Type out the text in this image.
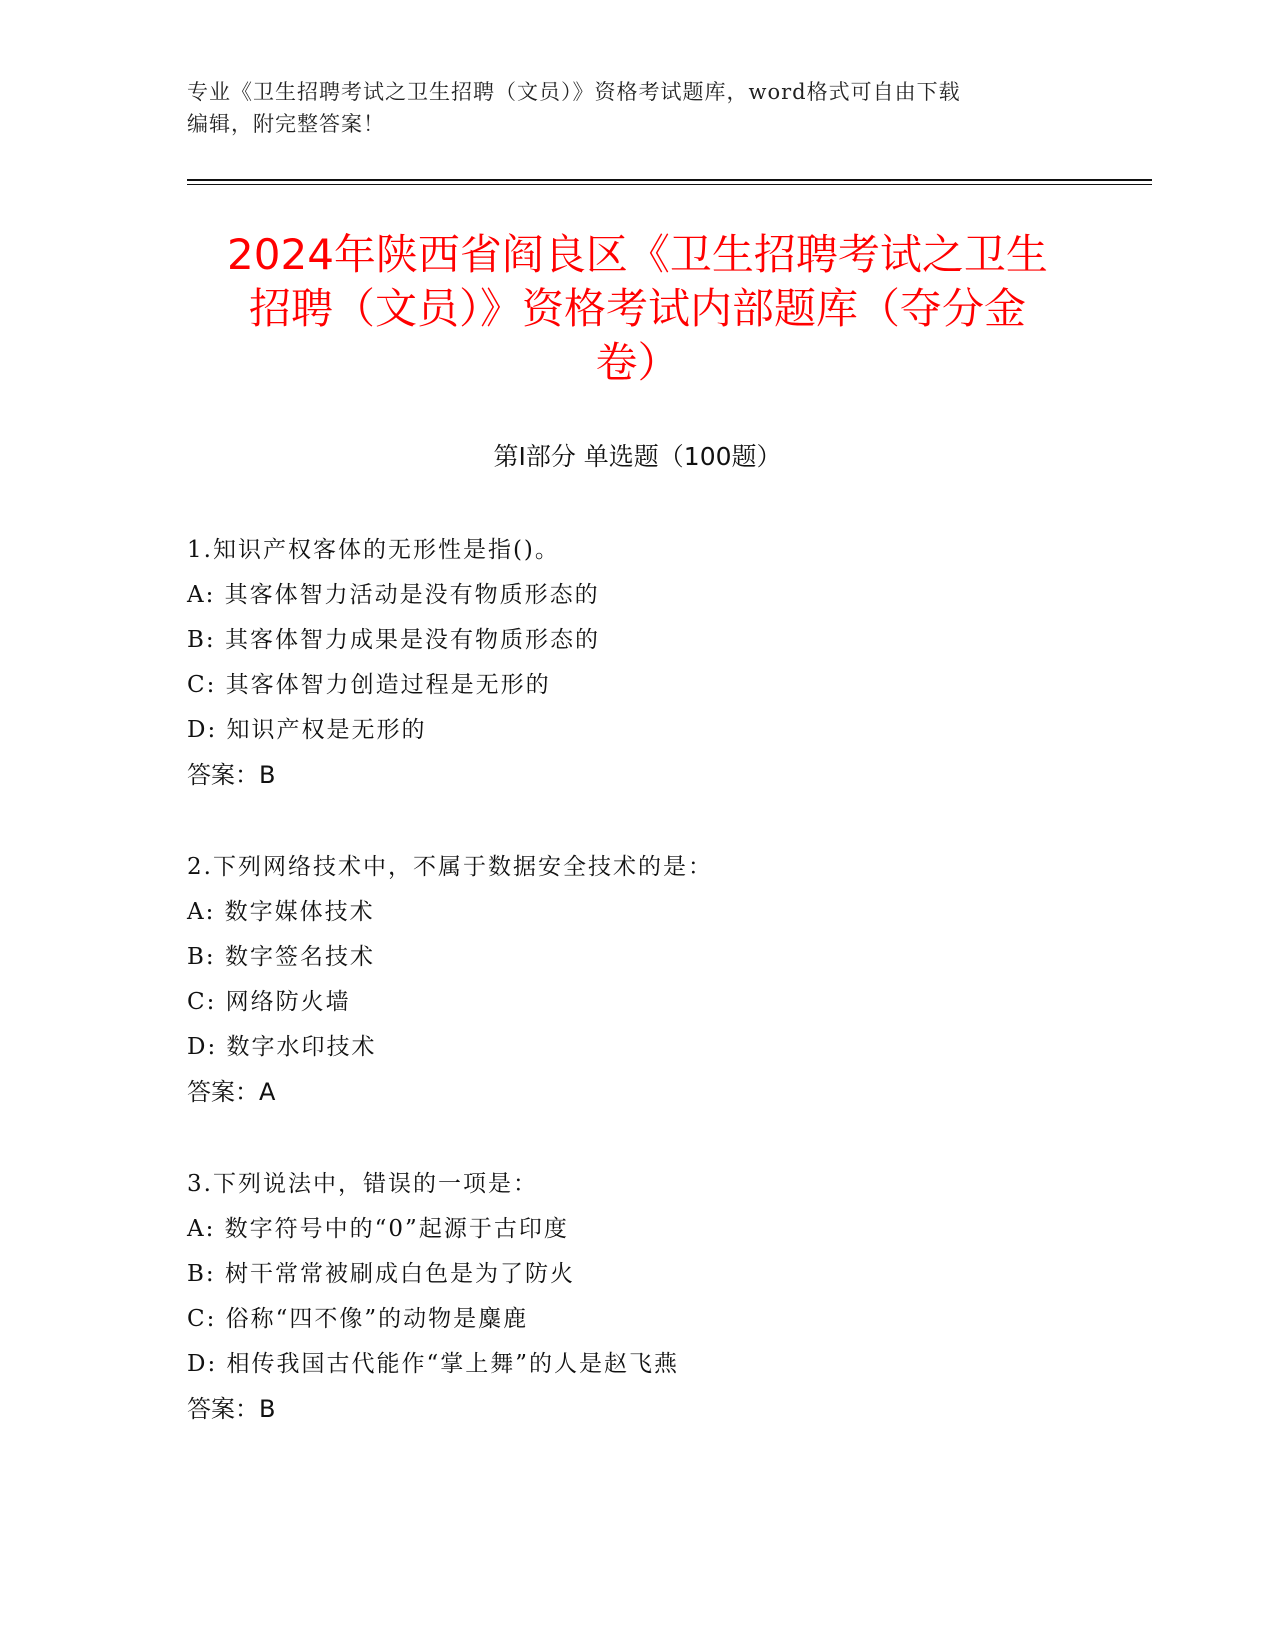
专业《卫生招聘考试之卫生招聘（文员）》资格考试题库，word格式可自由下载
编辑，附完整答案！
2024年陕西省阎良区《卫生招聘考试之卫生
招聘（文员）》资格考试内部题库（夺分金
卷）
第Ⅰ部分 单选题（100题）
1.知识产权客体的无形性是指()。
A: 其客体智力活动是没有物质形态的
B: 其客体智力成果是没有物质形态的
C: 其客体智力创造过程是无形的
D: 知识产权是无形的
答案：B
2.下列网络技术中，不属于数据安全技术的是：
A: 数字媒体技术
B: 数字签名技术
C: 网络防火墙
D: 数字水印技术
答案：A
3.下列说法中，错误的一项是：
A: 数字符号中的“0”起源于古印度
B: 树干常常被刷成白色是为了防火
C: 俗称“四不像”的动物是麋鹿
D: 相传我国古代能作“掌上舞”的人是赵飞燕
答案：B
